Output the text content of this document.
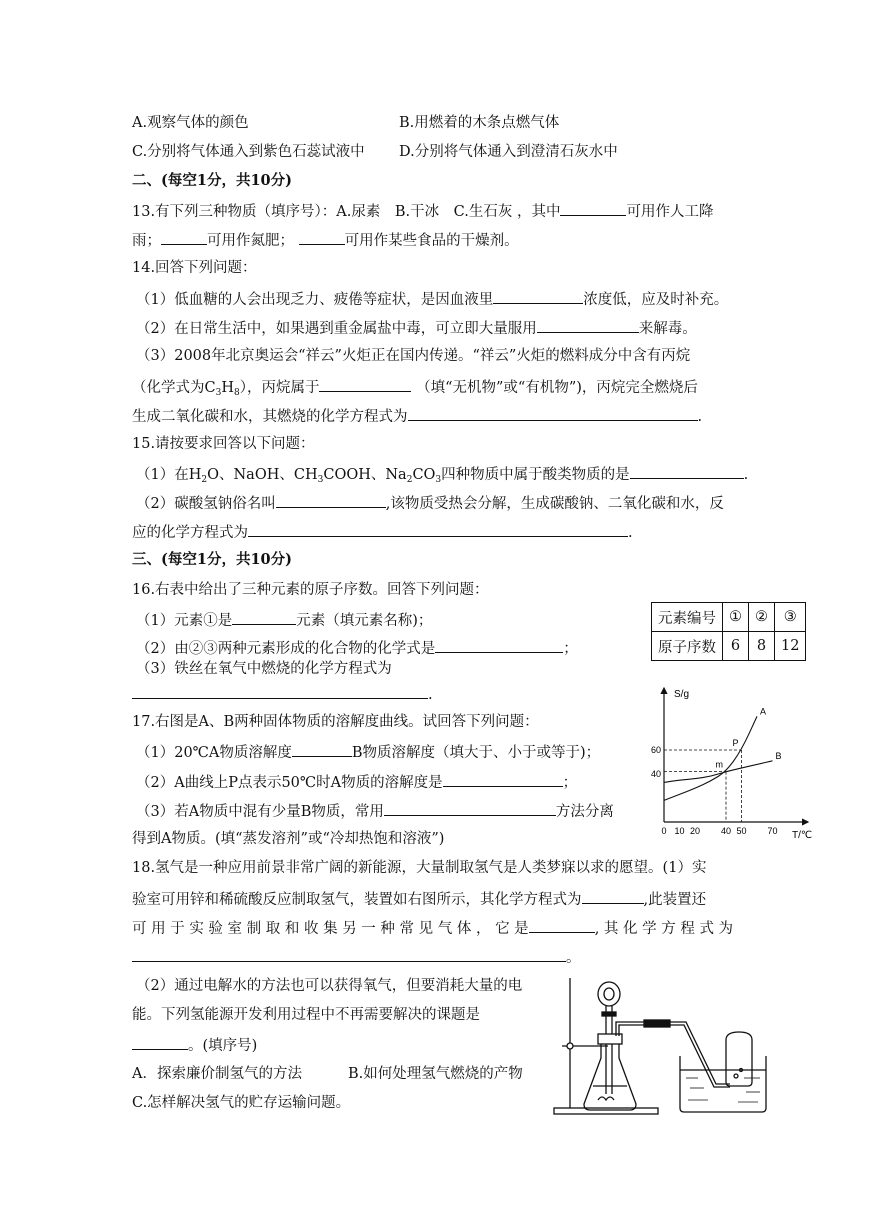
A.观察气体的颜色	B.用燃着的木条点燃气体
C.分别将气体通入到紫色石蕊试液中 D.分别将气体通入到澄清石灰水中
二、(每空1分，共10分)
13.有下列三种物质（填序号）：A.尿素　B.干冰　C.生石灰 ，其中	可用作人工降
雨；	可用作氮肥；	可用作某些食品的干燥剂。
14.回答下列问题：
（1）低血糖的人会出现乏力、疲倦等症状，是因血液里	浓度低，应及时补充。
（2）在日常生活中，如果遇到重金属盐中毒，可立即大量服用	来解毒。
（3）2008年北京奥运会“祥云”火炬正在国内传递。“祥云”火炬的燃料成分中含有丙烷
（化学式为$C_3H_8$），丙烷属于	（填“无机物”或“有机物”)，丙烷完全燃烧后
生成二氧化碳和水，其燃烧的化学方程式为	.
15.请按要求回答以下问题：
（1）在$H_2O$、NaOH、$CH_3COOH$、$Na_2CO_3$四种物质中属于酸类物质的是	.
（2）碳酸氢钠俗名叫	,该物质受热会分解，生成碳酸钠、二氧化碳和水，反
应的化学方程式为	.
三、(每空1分，共10分)
16.右表中给出了三种元素的原子序数。回答下列问题：
（1）元素①是	元素（填元素名称)；
（2）由②③两种元素形成的化合物的化学式是	；
（3）铁丝在氧气中燃烧的化学方程式为
.
元素编号	①	②	③
原子序数	6	8	12
17.右图是A、B两种固体物质的溶解度曲线。试回答下列问题：
（1）20℃A物质溶解度	B物质溶解度（填大于、小于或等于)；
（2）A曲线上P点表示50℃时A物质的溶解度是	；
（3）若A物质中混有少量B物质，常用	方法分离
得到A物质。(填“蒸发溶剂”或“冷却热饱和溶液”)
S/g
T/℃
0 10 20 40 50 70
40
60
A
B
P
m
18.氢气是一种应用前景非常广阔的新能源，大量制取氢气是人类梦寐以求的愿望。(1）实
验室可用锌和稀硫酸反应制取氢气，装置如右图所示，其化学方程式为	,此装置还
可 用 于 实 验 室 制 取 和 收 集 另 一 种 常 见 气 体 ， 它 是	, 其 化 学 方 程 式 为
。
（2）通过电解水的方法也可以获得氧气，但要消耗大量的电
能。下列氢能源开发利用过程中不再需要解决的课题是
。(填序号)
A．探索廉价制氢气的方法	B.如何处理氢气燃烧的产物
C.怎样解决氢气的贮存运输问题。
